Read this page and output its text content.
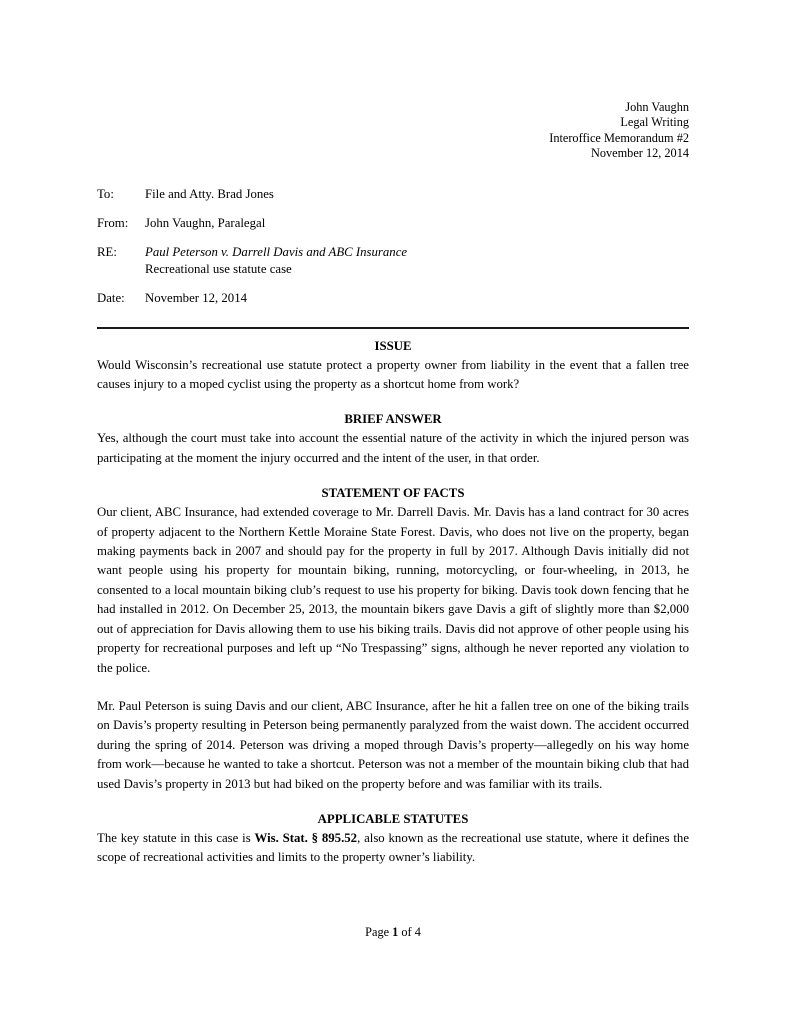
John Vaughn
Legal Writing
Interoffice Memorandum #2
November 12, 2014
To:	File and Atty. Brad Jones
From:	John Vaughn, Paralegal
RE:	Paul Peterson v. Darrell Davis and ABC Insurance
Recreational use statute case
Date:	November 12, 2014
ISSUE

Would Wisconsin’s recreational use statute protect a property owner from liability in the event that a fallen tree causes injury to a moped cyclist using the property as a shortcut home from work?

BRIEF ANSWER

Yes, although the court must take into account the essential nature of the activity in which the injured person was participating at the moment the injury occurred and the intent of the user, in that order.

STATEMENT OF FACTS

Our client, ABC Insurance, had extended coverage to Mr. Darrell Davis. Mr. Davis has a land contract for 30 acres of property adjacent to the Northern Kettle Moraine State Forest. Davis, who does not live on the property, began making payments back in 2007 and should pay for the property in full by 2017. Although Davis initially did not want people using his property for mountain biking, running, motorcycling, or four-wheeling, in 2013, he consented to a local mountain biking club’s request to use his property for biking. Davis took down fencing that he had installed in 2012. On December 25, 2013, the mountain bikers gave Davis a gift of slightly more than $2,000 out of appreciation for Davis allowing them to use his biking trails. Davis did not approve of other people using his property for recreational purposes and left up “No Trespassing” signs, although he never reported any violation to the police.

Mr. Paul Peterson is suing Davis and our client, ABC Insurance, after he hit a fallen tree on one of the biking trails on Davis’s property resulting in Peterson being permanently paralyzed from the waist down. The accident occurred during the spring of 2014. Peterson was driving a moped through Davis’s property—allegedly on his way home from work—because he wanted to take a shortcut. Peterson was not a member of the mountain biking club that had used Davis’s property in 2013 but had biked on the property before and was familiar with its trails.

APPLICABLE STATUTES

The key statute in this case is Wis. Stat. § 895.52, also known as the recreational use statute, where it defines the scope of recreational activities and limits to the property owner’s liability.

Page 1 of 4
